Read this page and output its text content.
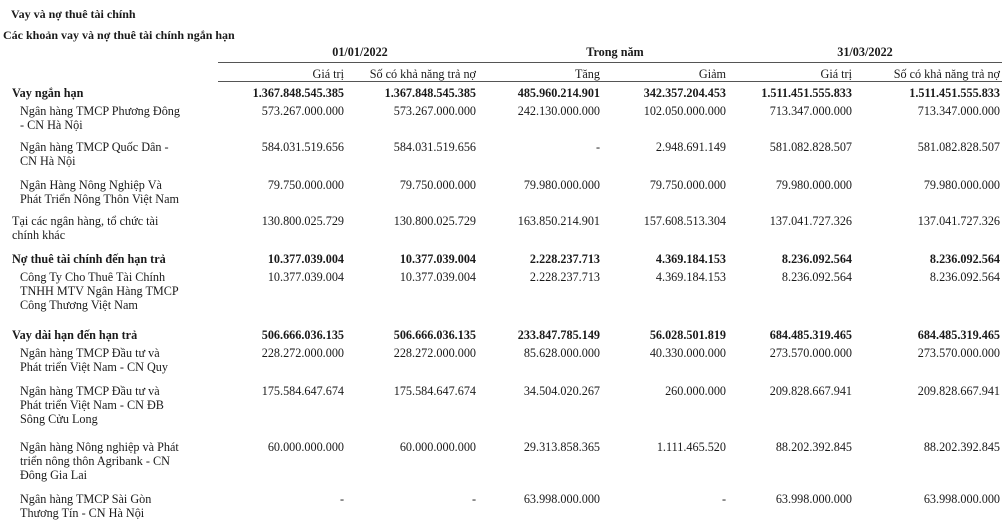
Vay và nợ thuê tài chính
Các khoản vay và nợ thuê tài chính ngắn hạn
01/01/2022	Trong năm	31/03/2022
Giá trị	Số có khả năng trả nợ	Tăng	Giảm	Giá trị	Số có khả năng trả nợ
Vay ngắn hạn	1.367.848.545.385	1.367.848.545.385	485.960.214.901	342.357.204.453	1.511.451.555.833	1.511.451.555.833
Ngân hàng TMCP Phương Đông
- CN Hà Nội
573.267.000.000	573.267.000.000	242.130.000.000	102.050.000.000	713.347.000.000	713.347.000.000
Ngân hàng TMCP Quốc Dân -
CN Hà Nội
584.031.519.656	584.031.519.656	-	2.948.691.149	581.082.828.507	581.082.828.507
Ngân Hàng Nông Nghiệp Và
Phát Triển Nông Thôn Việt Nam
79.750.000.000	79.750.000.000	79.980.000.000	79.750.000.000	79.980.000.000	79.980.000.000
Tại các ngân hàng, tổ chức tài
chính khác
130.800.025.729	130.800.025.729	163.850.214.901	157.608.513.304	137.041.727.326	137.041.727.326
Nợ thuê tài chính đến hạn trả	10.377.039.004	10.377.039.004	2.228.237.713	4.369.184.153	8.236.092.564	8.236.092.564
Công Ty Cho Thuê Tài Chính
TNHH MTV Ngân Hàng TMCP
Công Thương Việt Nam
10.377.039.004	10.377.039.004	2.228.237.713	4.369.184.153	8.236.092.564	8.236.092.564
Vay dài hạn đến hạn trả	506.666.036.135	506.666.036.135	233.847.785.149	56.028.501.819	684.485.319.465	684.485.319.465
Ngân hàng TMCP Đầu tư và
Phát triển Việt Nam - CN Quy
228.272.000.000	228.272.000.000	85.628.000.000	40.330.000.000	273.570.000.000	273.570.000.000
Ngân hàng TMCP Đầu tư và
Phát triển Việt Nam - CN ĐB
Sông Cửu Long
175.584.647.674	175.584.647.674	34.504.020.267	260.000.000	209.828.667.941	209.828.667.941
Ngân hàng Nông nghiệp và Phát
triển nông thôn Agribank - CN
Đông Gia Lai
60.000.000.000	60.000.000.000	29.313.858.365	1.111.465.520	88.202.392.845	88.202.392.845
Ngân hàng TMCP Sài Gòn
Thương Tín - CN Hà Nội
-	-	63.998.000.000	-	63.998.000.000	63.998.000.000
